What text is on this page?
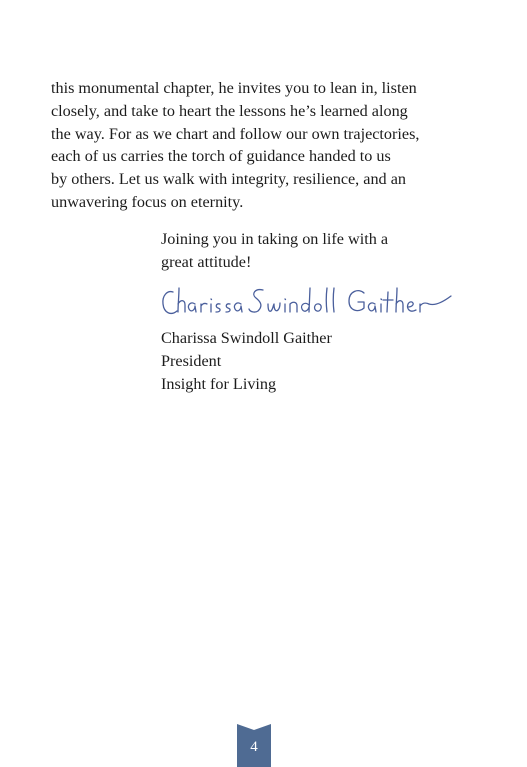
this monumental chapter, he invites you to lean in, listen
closely, and take to heart the lessons he’s learned along
the way. For as we chart and follow our own trajectories,
each of us carries the torch of guidance handed to us
by others. Let us walk with integrity, resilience, and an
unwavering focus on eternity.
Joining you in taking on life with a
great attitude!
Charissa Swindoll Gaither
President
Insight for Living
4
